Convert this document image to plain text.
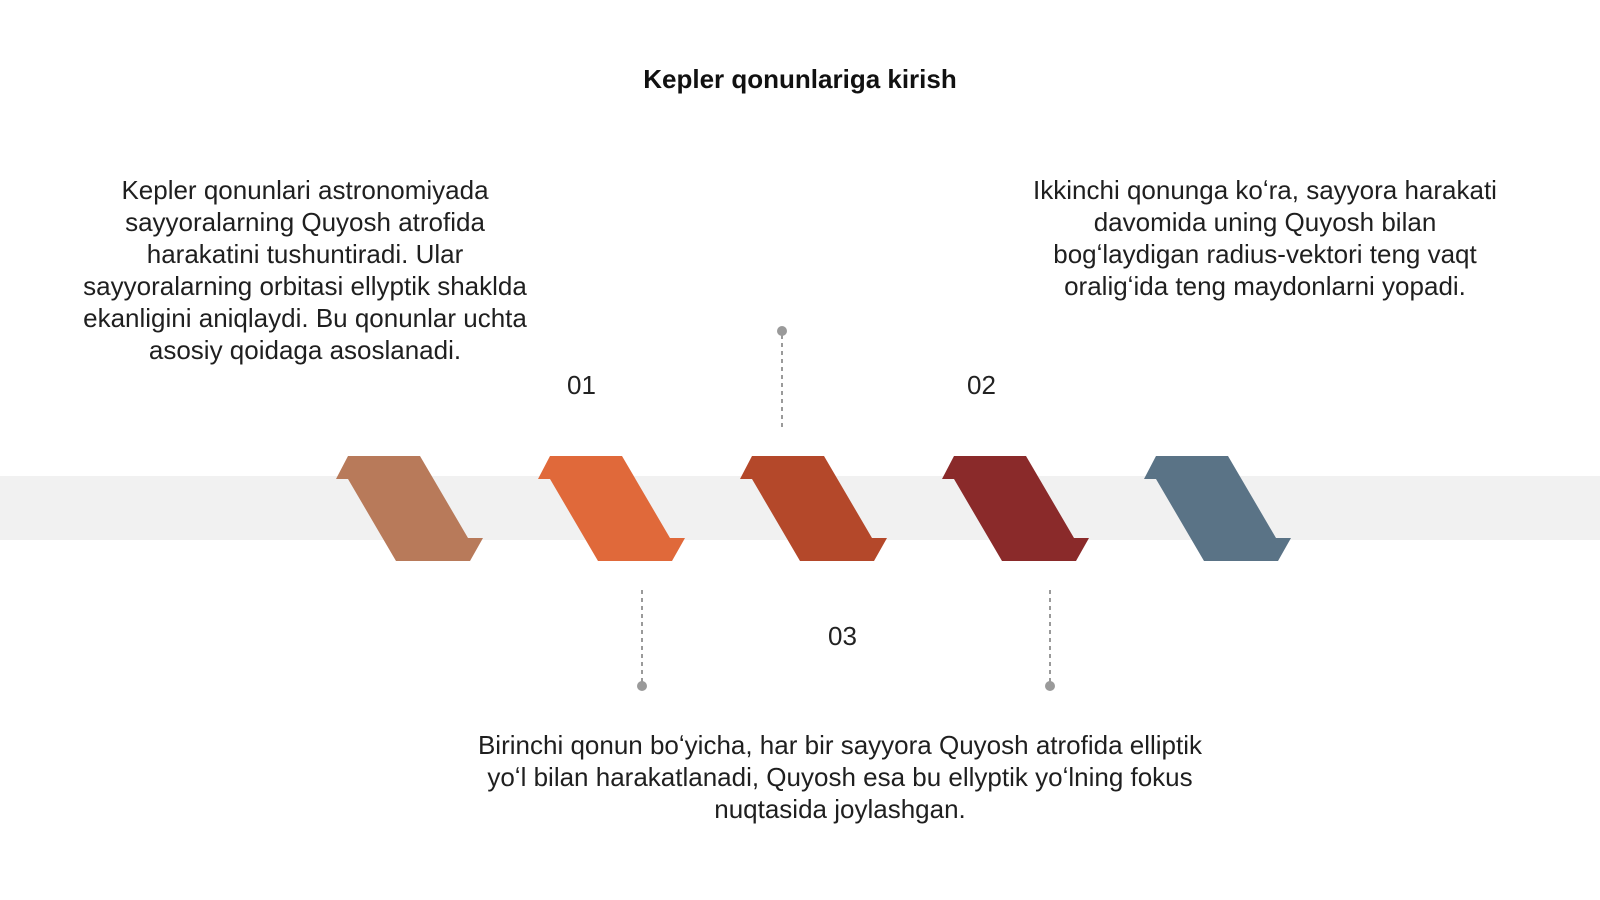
Kepler qonunlariga kirish
Kepler qonunlari astronomiyada sayyoralarning Quyosh atrofida harakatini tushuntiradi. Ular sayyoralarning orbitasi ellyptik shaklda ekanligini aniqlaydi. Bu qonunlar uchta asosiy qoidaga asoslanadi.
Ikkinchi qonunga koʻra, sayyora harakati davomida uning Quyosh bilan bogʻlaydigan radius-vektori teng vaqt oraligʻida teng maydonlarni yopadi.
01	02
03
Birinchi qonun boʻyicha, har bir sayyora Quyosh atrofida elliptik yoʻl bilan harakatlanadi, Quyosh esa bu ellyptik yoʻlning fokus nuqtasida joylashgan.
